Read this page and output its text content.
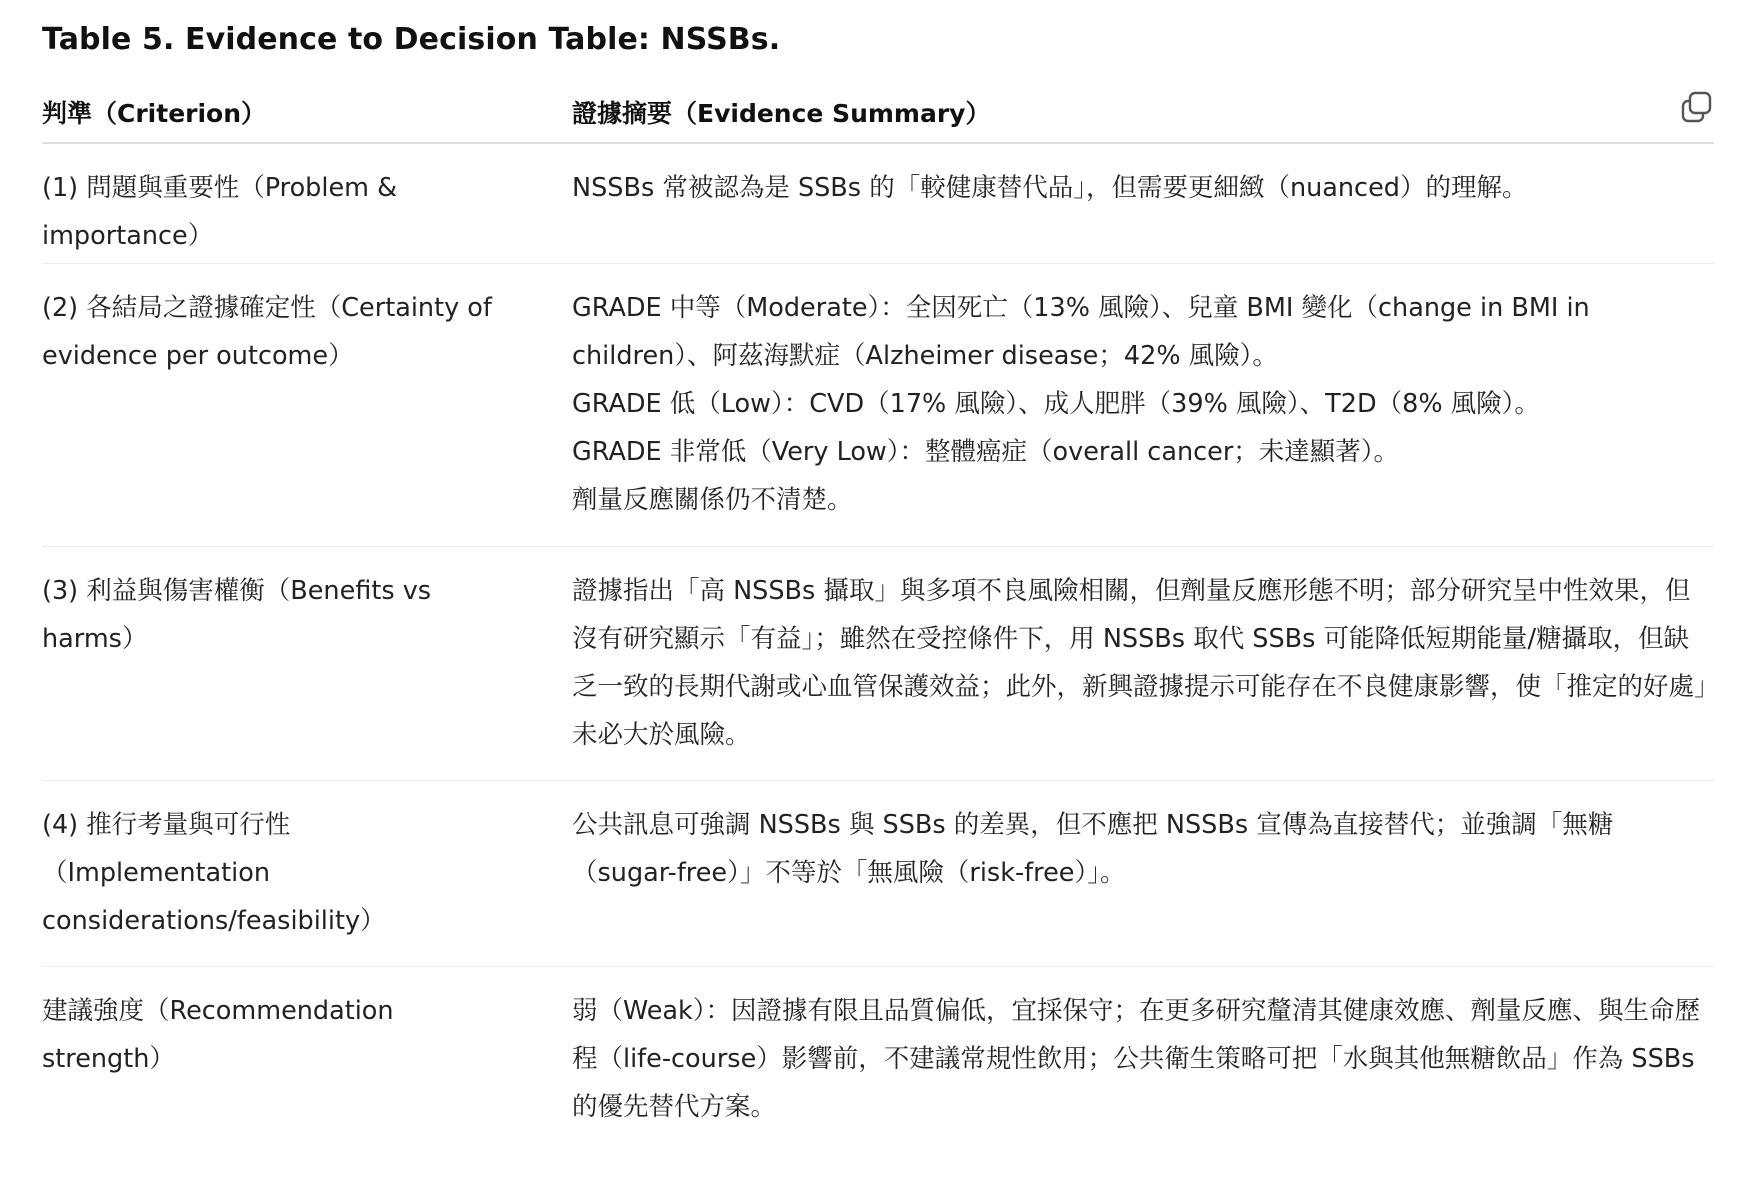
Table 5. Evidence to Decision Table: NSSBs.
判準（Criterion）	證據摘要（Evidence Summary）
(1) 問題與重要性（Problem & importance）
NSSBs 常被認為是 SSBs 的「較健康替代品」，但需要更細緻（nuanced）的理解。
(2) 各結局之證據確定性（Certainty of evidence per outcome）
GRADE 中等（Moderate）：全因死亡（13% 風險）、兒童 BMI 變化（change in BMI in children）、阿茲海默症（Alzheimer disease；42% 風險）。
GRADE 低（Low）：CVD（17% 風險）、成人肥胖（39% 風險）、T2D（8% 風險）。
GRADE 非常低（Very Low）：整體癌症（overall cancer；未達顯著）。
劑量反應關係仍不清楚。
(3) 利益與傷害權衡（Benefits vs harms）
證據指出「高 NSSBs 攝取」與多項不良風險相關，但劑量反應形態不明；部分研究呈中性效果，但沒有研究顯示「有益」；雖然在受控條件下，用 NSSBs 取代 SSBs 可能降低短期能量/糖攝取，但缺乏一致的長期代謝或心血管保護效益；此外，新興證據提示可能存在不良健康影響，使「推定的好處」未必大於風險。
(4) 推行考量與可行性（Implementation considerations/feasibility）
公共訊息可強調 NSSBs 與 SSBs 的差異，但不應把 NSSBs 宣傳為直接替代；並強調「無糖（sugar-free）」不等於「無風險（risk-free）」。
建議強度（Recommendation strength）
弱（Weak）：因證據有限且品質偏低，宜採保守；在更多研究釐清其健康效應、劑量反應、與生命歷程（life-course）影響前，不建議常規性飲用；公共衛生策略可把「水與其他無糖飲品」作為 SSBs 的優先替代方案。
